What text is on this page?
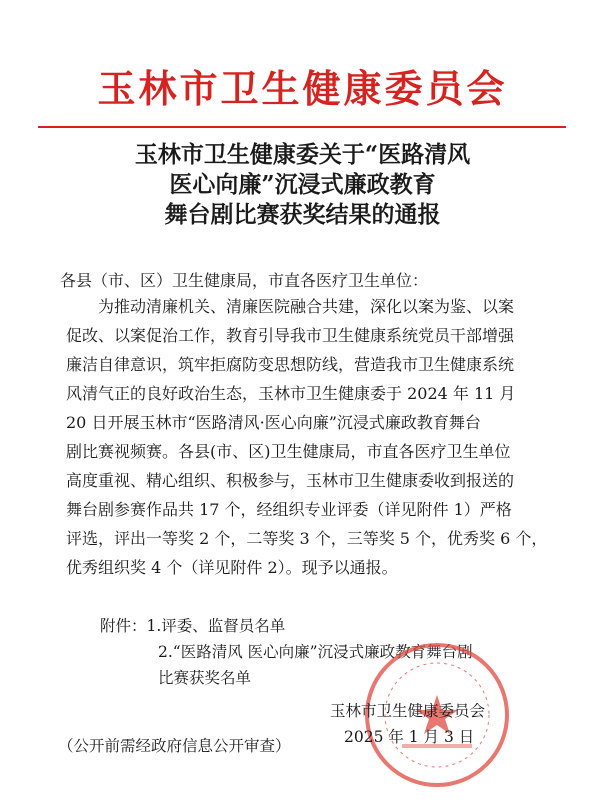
玉林市卫生健康委员会
玉林市卫生健康委关于“医路清风
医心向廉”沉浸式廉政教育
舞台剧比赛获奖结果的通报
各县（市、区）卫生健康局，市直各医疗卫生单位：
为推动清廉机关、清廉医院融合共建，深化以案为鉴、以案
促改、以案促治工作，教育引导我市卫生健康系统党员干部增强
廉洁自律意识，筑牢拒腐防变思想防线，营造我市卫生健康系统
风清气正的良好政治生态，玉林市卫生健康委于 2024 年 11 月
20 日开展玉林市“医路清风·医心向廉”沉浸式廉政教育舞台
剧比赛视频赛。各县(市、区)卫生健康局，市直各医疗卫生单位
高度重视、精心组织、积极参与，玉林市卫生健康委收到报送的
舞台剧参赛作品共 17 个，经组织专业评委（详见附件 1）严格
评选，评出一等奖 2 个，二等奖 3 个，三等奖 5 个，优秀奖 6 个，
优秀组织奖 4 个（详见附件 2）。现予以通报。
附件：1.评委、监督员名单
2.“医路清风 医心向廉”沉浸式廉政教育舞台剧
比赛获奖名单
玉林市卫生健康委员会
2025 年 1 月 3 日
（公开前需经政府信息公开审查）
